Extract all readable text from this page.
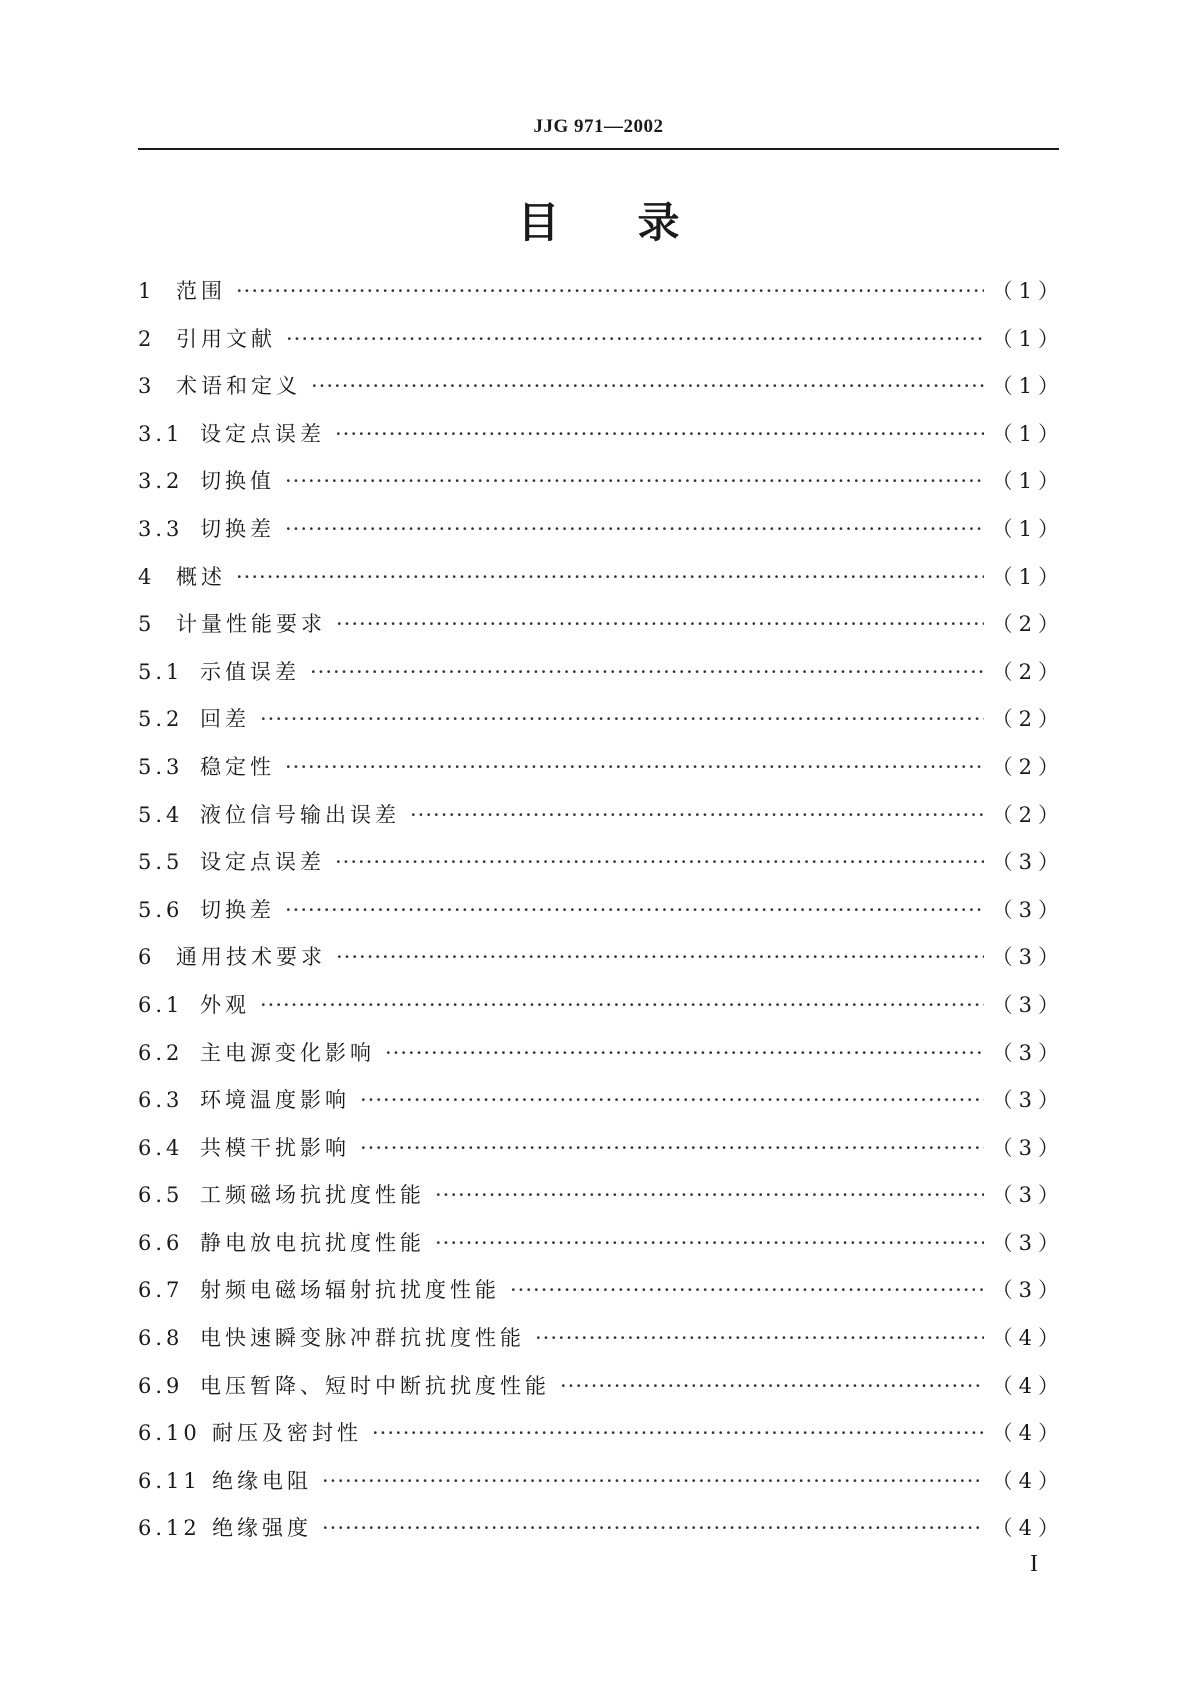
JJG 971—2002
目录
1 范围 ·····	（1）
2 引用文献 ·····	（1）
3 术语和定义 ·····	（1）
3.1 设定点误差 ·····	（1）
3.2 切换值 ·····	（1）
3.3 切换差 ·····	（1）
4 概述 ·····	（1）
5 计量性能要求 ·····	（2）
5.1 示值误差 ·····	（2）
5.2 回差 ·····	（2）
5.3 稳定性 ·····	（2）
5.4 液位信号输出误差 ·····	（2）
5.5 设定点误差 ·····	（3）
5.6 切换差 ·····	（3）
6 通用技术要求 ·····	（3）
6.1 外观 ·····	（3）
6.2 主电源变化影响 ·····	（3）
6.3 环境温度影响 ·····	（3）
6.4 共模干扰影响 ·····	（3）
6.5 工频磁场抗扰度性能 ·····	（3）
6.6 静电放电抗扰度性能 ·····	（3）
6.7 射频电磁场辐射抗扰度性能 ·····	（3）
6.8 电快速瞬变脉冲群抗扰度性能 ·····	（4）
6.9 电压暂降、短时中断抗扰度性能 ·····	（4）
6.10 耐压及密封性 ·····	（4）
6.11 绝缘电阻 ·····	（4）
6.12 绝缘强度 ·····	（4）
I
